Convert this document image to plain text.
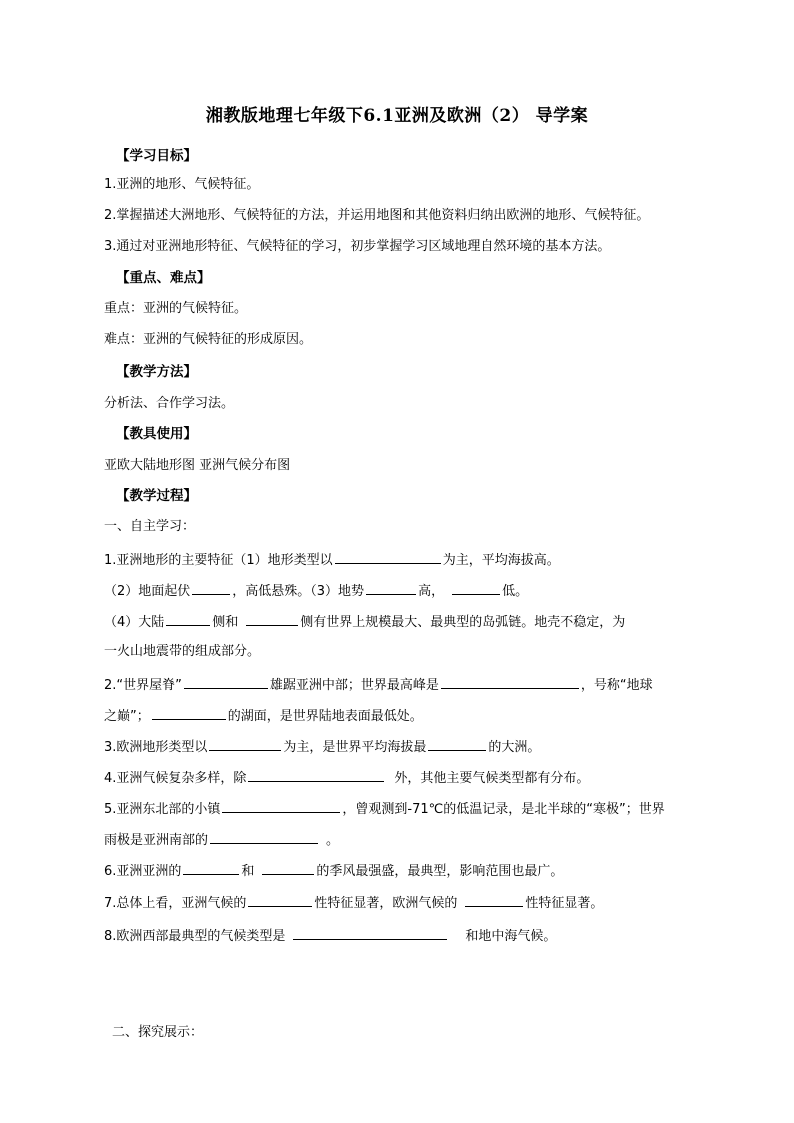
湘教版地理七年级下6.1亚洲及欧洲（2） 导学案
【学习目标】
1.亚洲的地形、气候特征。
2.掌握描述大洲地形、气候特征的方法，并运用地图和其他资料归纳出欧洲的地形、气候特征。
3.通过对亚洲地形特征、气候特征的学习，初步掌握学习区域地理自然环境的基本方法。
【重点、难点】
重点：亚洲的气候特征。
难点：亚洲的气候特征的形成原因。
【教学方法】
分析法、合作学习法。
【教具使用】
亚欧大陆地形图 亚洲气候分布图
【教学过程】
一、自主学习：
1.亚洲地形的主要特征（1）地形类型以	为主，平均海拔高。
（2）地面起伏	，高低悬殊。（3）地势	高，	低。
（4）大陆	侧和	侧有世界上规模最大、最典型的岛弧链。地壳不稳定，为
一火山地震带的组成部分。
2.“世界屋脊”	雄踞亚洲中部；世界最高峰是	，号称“地球
之巅”；	的湖面，是世界陆地表面最低处。
3.欧洲地形类型以	为主，是世界平均海拔最	的大洲。
4.亚洲气候复杂多样，除	外，其他主要气候类型都有分布。
5.亚洲东北部的小镇	，曾观测到-71℃的低温记录，是北半球的“寒极”；世界
雨极是亚洲南部的	。
6.亚洲亚洲的	和	的季风最强盛，最典型，影响范围也最广。
7.总体上看，亚洲气候的	性特征显著，欧洲气候的	性特征显著。
8.欧洲西部最典型的气候类型是	和地中海气候。
二、探究展示：
